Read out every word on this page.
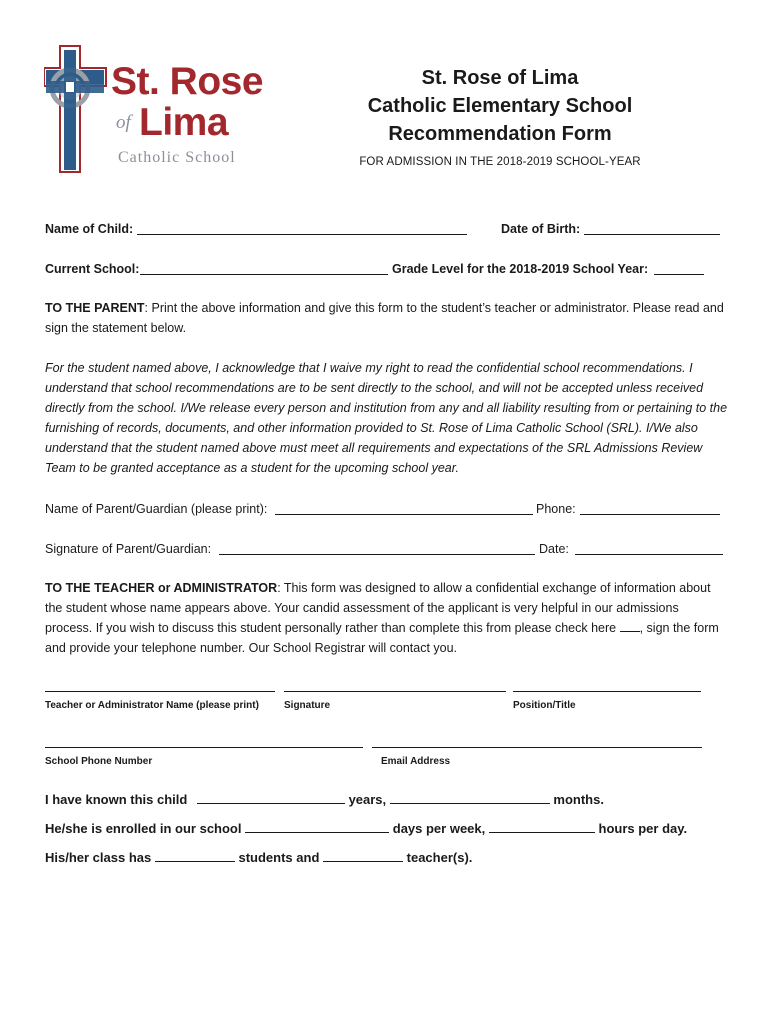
St. Rose
of Lima
Catholic School
St. Rose of Lima
Catholic Elementary School
Recommendation Form
FOR ADMISSION IN THE 2018-2019 SCHOOL-YEAR
Name of Child:	Date of Birth:
Current School:	Grade Level for the 2018-2019 School Year:
TO THE PARENT: Print the above information and give this form to the student’s teacher or administrator. Please read and sign the statement below.
For the student named above, I acknowledge that I waive my right to read the confidential school recommendations. I understand that school recommendations are to be sent directly to the school, and will not be accepted unless received directly from the school. I/We release every person and institution from any and all liability resulting from or pertaining to the furnishing of records, documents, and other information provided to St. Rose of Lima Catholic School (SRL). I/We also understand that the student named above must meet all requirements and expectations of the SRL Admissions Review Team to be granted acceptance as a student for the upcoming school year.
Name of Parent/Guardian (please print):	Phone:
Signature of Parent/Guardian:	Date:
TO THE TEACHER or ADMINISTRATOR: This form was designed to allow a confidential exchange of information about the student whose name appears above. Your candid assessment of the applicant is very helpful in our admissions process. If you wish to discuss this student personally rather than complete this from please check here , sign the form and provide your telephone number. Our School Registrar will contact you.
Teacher or Administrator Name (please print)	Signature	Position/Title
School Phone Number	Email Address
I have known this child	years,	months.
He/she is enrolled in our school	days per week,	hours per day.
His/her class has	students and	teacher(s).
